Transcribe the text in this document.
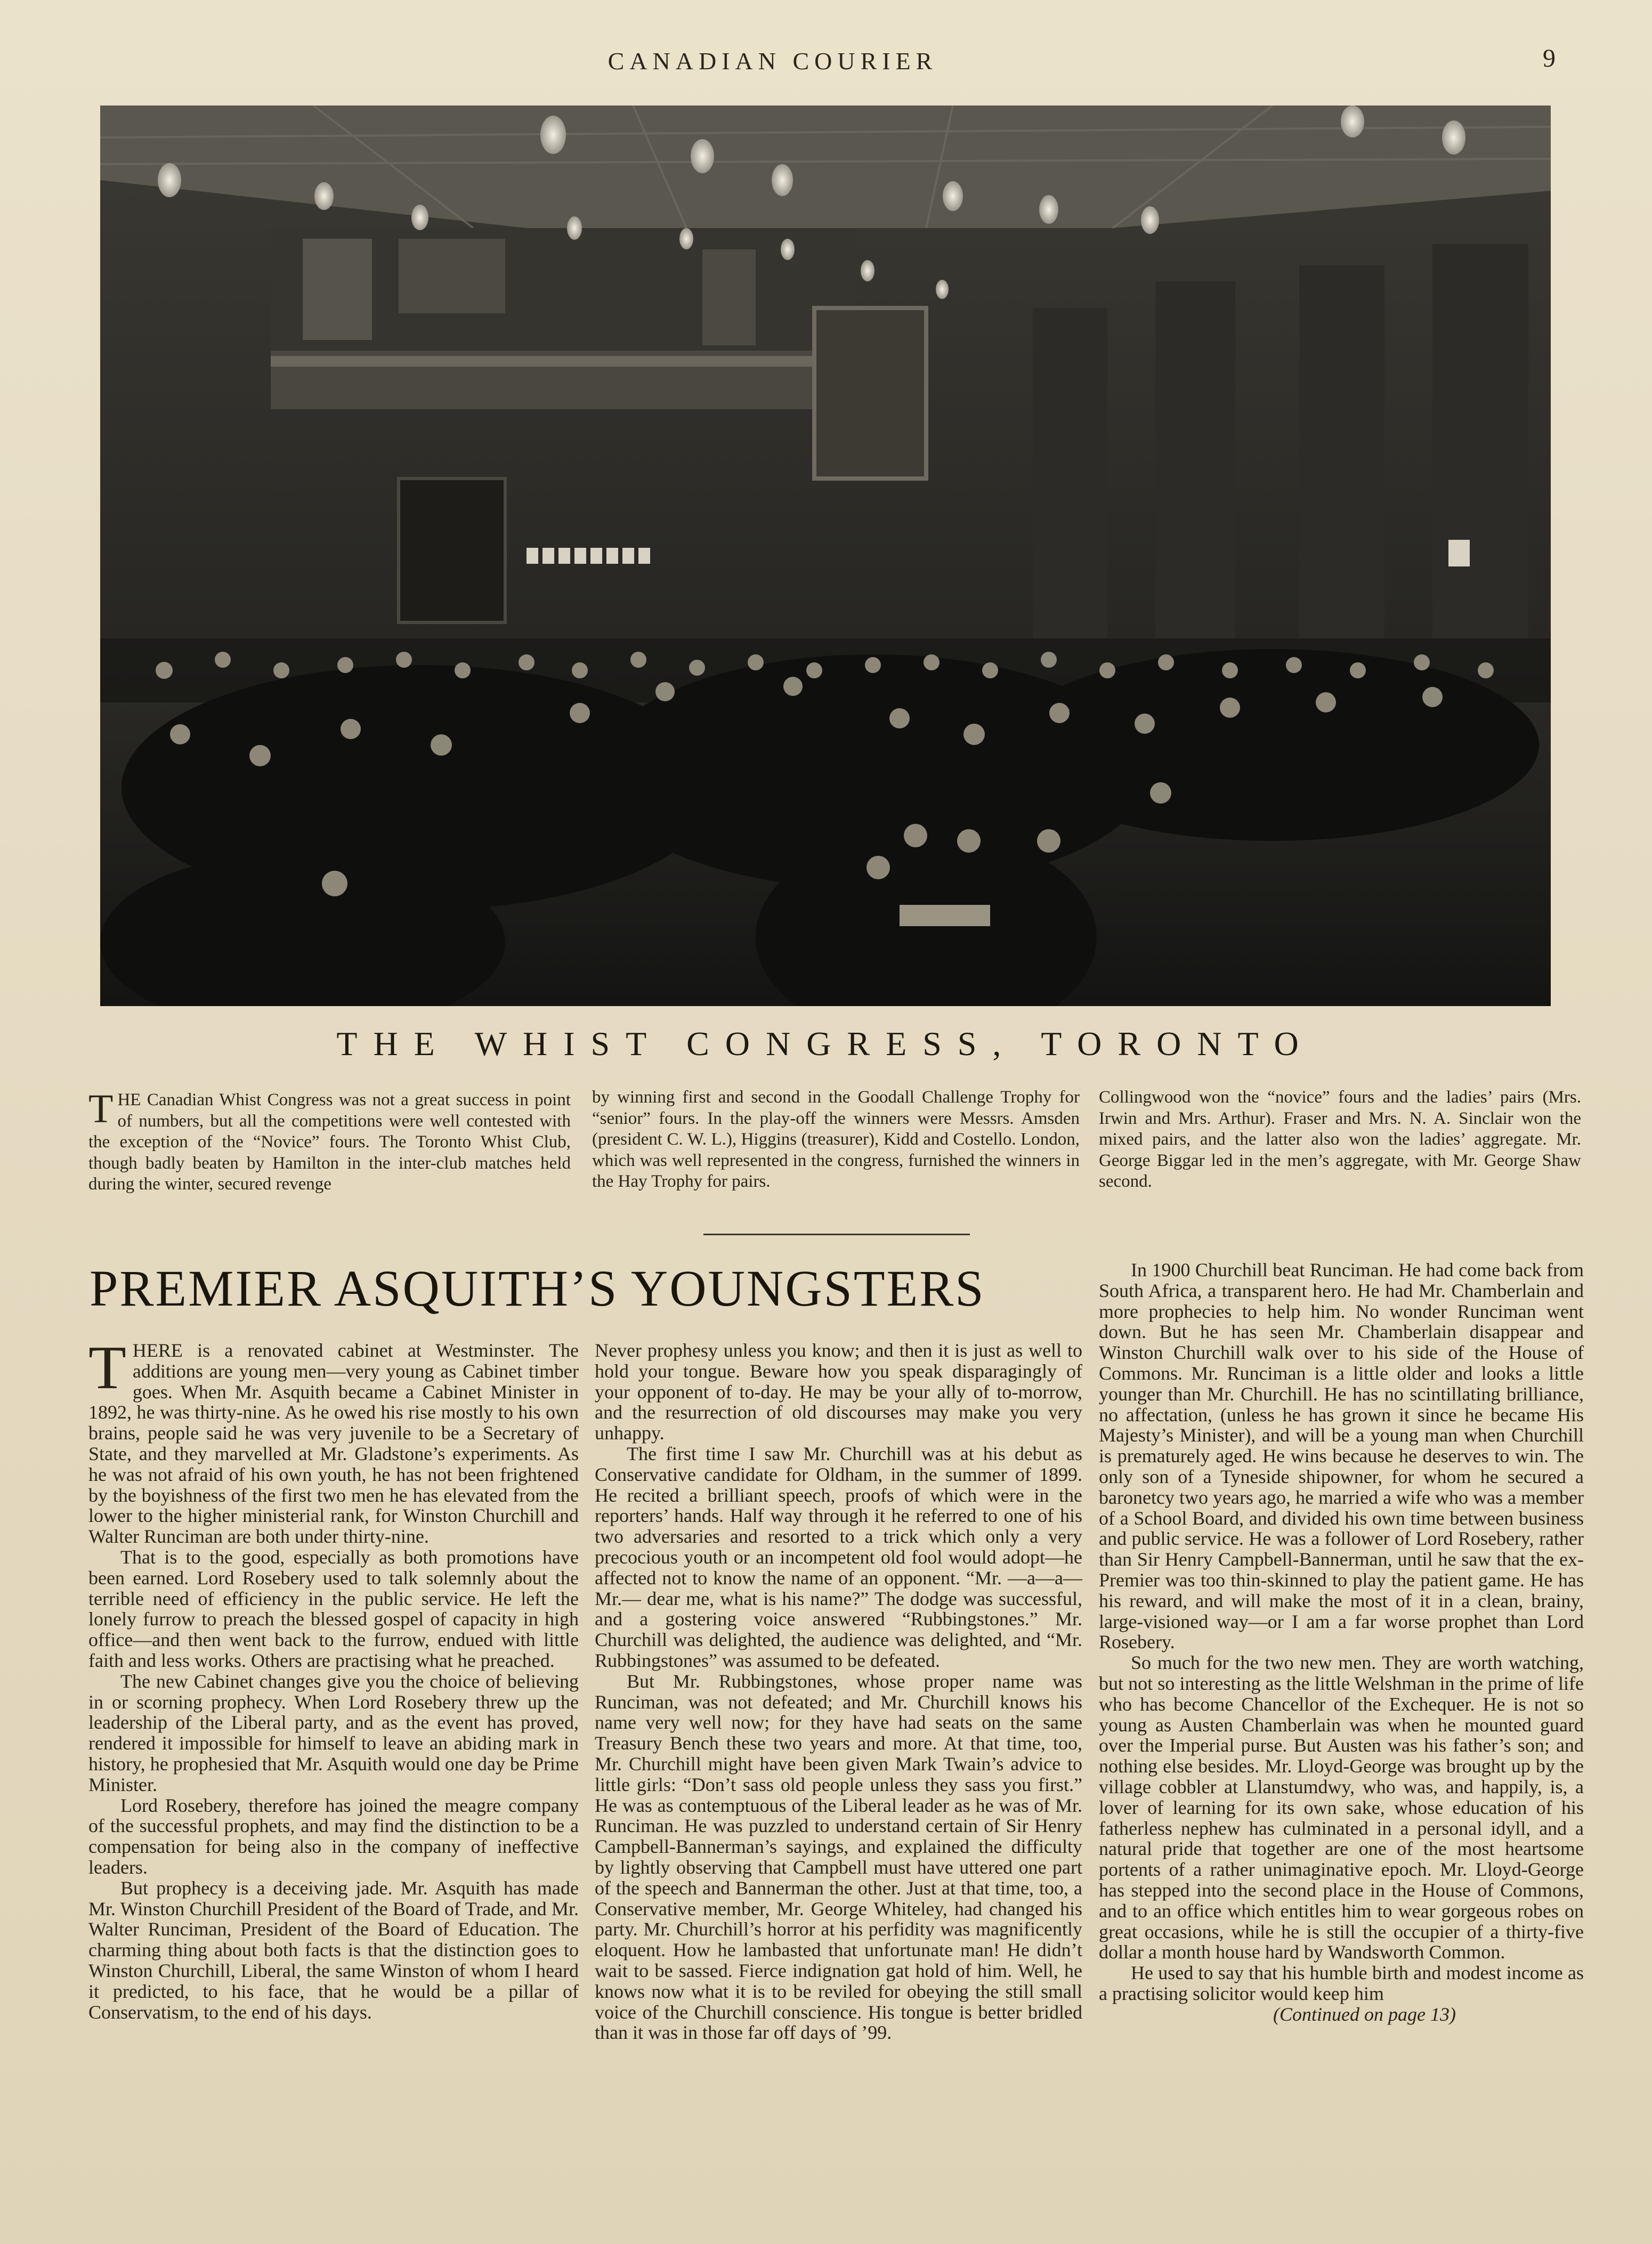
CANADIAN COURIER	9
THE WHIST CONGRESS, TORONTO
T HE Canadian Whist Congress was not a great success in point of numbers, but all the competitions were well contested with the exception of the “Novice” fours. The Toronto Whist Club, though badly beaten by Hamilton in the inter-club matches held during the winter, secured revenge

by winning first and second in the Goodall Challenge Trophy for “senior” fours. In the play-off the winners were Messrs. Amsden (president C. W. L.), Higgins (treasurer), Kidd and Costello. London, which was well represented in the congress, furnished the winners in the Hay Trophy for pairs.

Collingwood won the “novice” fours and the ladies’ pairs (Mrs. Irwin and Mrs. Arthur). Fraser and Mrs. N. A. Sinclair won the mixed pairs, and the latter also won the ladies’ aggregate. Mr. George Biggar led in the men’s aggregate, with Mr. George Shaw second.

PREMIER ASQUITH’S YOUNGSTERS
T HERE is a renovated cabinet at Westminster. The additions are young men—very young as Cabinet timber goes. When Mr. Asquith became a Cabinet Minister in 1892, he was thirty-nine. As he owed his rise mostly to his own brains, people said he was very juvenile to be a Secretary of State, and they marvelled at Mr. Gladstone’s experiments. As he was not afraid of his own youth, he has not been frightened by the boyishness of the first two men he has elevated from the lower to the higher ministerial rank, for Winston Churchill and Walter Runciman are both under thirty-nine.

That is to the good, especially as both promotions have been earned. Lord Rosebery used to talk solemnly about the terrible need of efficiency in the public service. He left the lonely furrow to preach the blessed gospel of capacity in high office—and then went back to the furrow, endued with little faith and less works. Others are practising what he preached.

The new Cabinet changes give you the choice of believing in or scorning prophecy. When Lord Rosebery threw up the leadership of the Liberal party, and as the event has proved, rendered it impossible for himself to leave an abiding mark in history, he prophesied that Mr. Asquith would one day be Prime Minister.

Lord Rosebery, therefore has joined the meagre company of the successful prophets, and may find the distinction to be a compensation for being also in the company of ineffective leaders.

But prophecy is a deceiving jade. Mr. Asquith has made Mr. Winston Churchill President of the Board of Trade, and Mr. Walter Runciman, President of the Board of Education. The charming thing about both facts is that the distinction goes to Winston Churchill, Liberal, the same Winston of whom I heard it predicted, to his face, that he would be a pillar of Conservatism, to the end of his days.

Never prophesy unless you know; and then it is just as well to hold your tongue. Beware how you speak disparagingly of your opponent of to-day. He may be your ally of to-morrow, and the resurrection of old discourses may make you very unhappy.

The first time I saw Mr. Churchill was at his debut as Conservative candidate for Oldham, in the summer of 1899. He recited a brilliant speech, proofs of which were in the reporters’ hands. Half way through it he referred to one of his two adversaries and resorted to a trick which only a very precocious youth or an incompetent old fool would adopt—he affected not to know the name of an opponent. “Mr. —a—a— Mr.— dear me, what is his name?” The dodge was successful, and a gostering voice answered “Rubbingstones.” Mr. Churchill was delighted, the audience was delighted, and “Mr. Rubbingstones” was assumed to be defeated.

But Mr. Rubbingstones, whose proper name was Runciman, was not defeated; and Mr. Churchill knows his name very well now; for they have had seats on the same Treasury Bench these two years and more. At that time, too, Mr. Churchill might have been given Mark Twain’s advice to little girls: “Don’t sass old people unless they sass you first.” He was as contemptuous of the Liberal leader as he was of Mr. Runciman. He was puzzled to understand certain of Sir Henry Campbell-Bannerman’s sayings, and explained the difficulty by lightly observing that Campbell must have uttered one part of the speech and Bannerman the other. Just at that time, too, a Conservative member, Mr. George Whiteley, had changed his party. Mr. Churchill’s horror at his perfidity was magnificently eloquent. How he lambasted that unfortunate man! He didn’t wait to be sassed. Fierce indignation gat hold of him. Well, he knows now what it is to be reviled for obeying the still small voice of the Churchill conscience. His tongue is better bridled than it was in those far off days of ’99.

In 1900 Churchill beat Runciman. He had come back from South Africa, a transparent hero. He had Mr. Chamberlain and more prophecies to help him. No wonder Runciman went down. But he has seen Mr. Chamberlain disappear and Winston Churchill walk over to his side of the House of Commons. Mr. Runciman is a little older and looks a little younger than Mr. Churchill. He has no scintillating brilliance, no affectation, (unless he has grown it since he became His Majesty’s Minister), and will be a young man when Churchill is prematurely aged. He wins because he deserves to win. The only son of a Tyneside shipowner, for whom he secured a baronetcy two years ago, he married a wife who was a member of a School Board, and divided his own time between business and public service. He was a follower of Lord Rosebery, rather than Sir Henry Campbell-Bannerman, until he saw that the ex-Premier was too thin-skinned to play the patient game. He has his reward, and will make the most of it in a clean, brainy, large-visioned way—or I am a far worse prophet than Lord Rosebery.

So much for the two new men. They are worth watching, but not so interesting as the little Welshman in the prime of life who has become Chancellor of the Exchequer. He is not so young as Austen Chamberlain was when he mounted guard over the Imperial purse. But Austen was his father’s son; and nothing else besides. Mr. Lloyd-George was brought up by the village cobbler at Llanstumdwy, who was, and happily, is, a lover of learning for its own sake, whose education of his fatherless nephew has culminated in a personal idyll, and a natural pride that together are one of the most heartsome portents of a rather unimaginative epoch. Mr. Lloyd-George has stepped into the second place in the House of Commons, and to an office which entitles him to wear gorgeous robes on great occasions, while he is still the occupier of a thirty-five dollar a month house hard by Wandsworth Common.

He used to say that his humble birth and modest income as a practising solicitor would keep him

(Continued on page 13)
